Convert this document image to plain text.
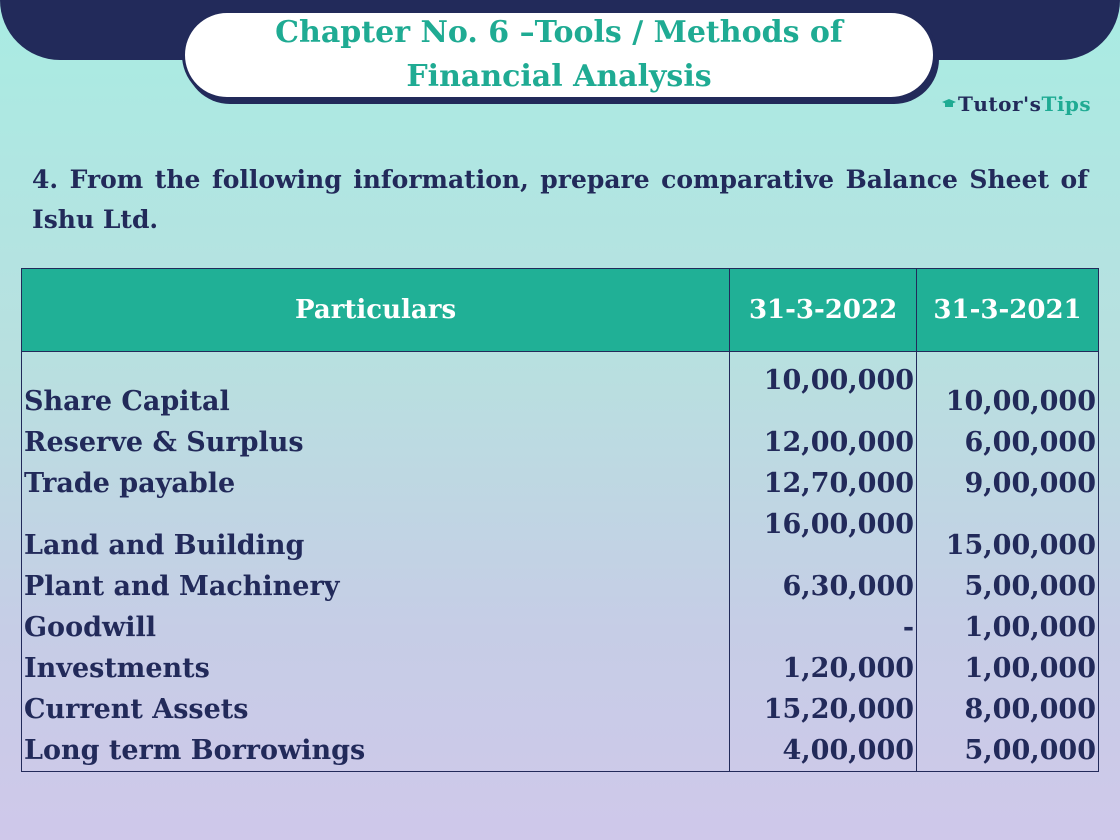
Chapter No. 6 –Tools / Methods of
Financial Analysis
T utor's T ips
4. From the following information, prepare comparative Balance Sheet of Ishu Ltd.
Particulars	31-3-2022	31-3-2021
Share Capital	10,00,000	10,00,000
Reserve & Surplus	12,00,000	6,00,000
Trade payable	12,70,000	9,00,000
Land and Building	16,00,000	15,00,000
Plant and Machinery	6,30,000	5,00,000
Goodwill	-	1,00,000
Investments	1,20,000	1,00,000
Current Assets	15,20,000	8,00,000
Long term Borrowings	4,00,000	5,00,000
